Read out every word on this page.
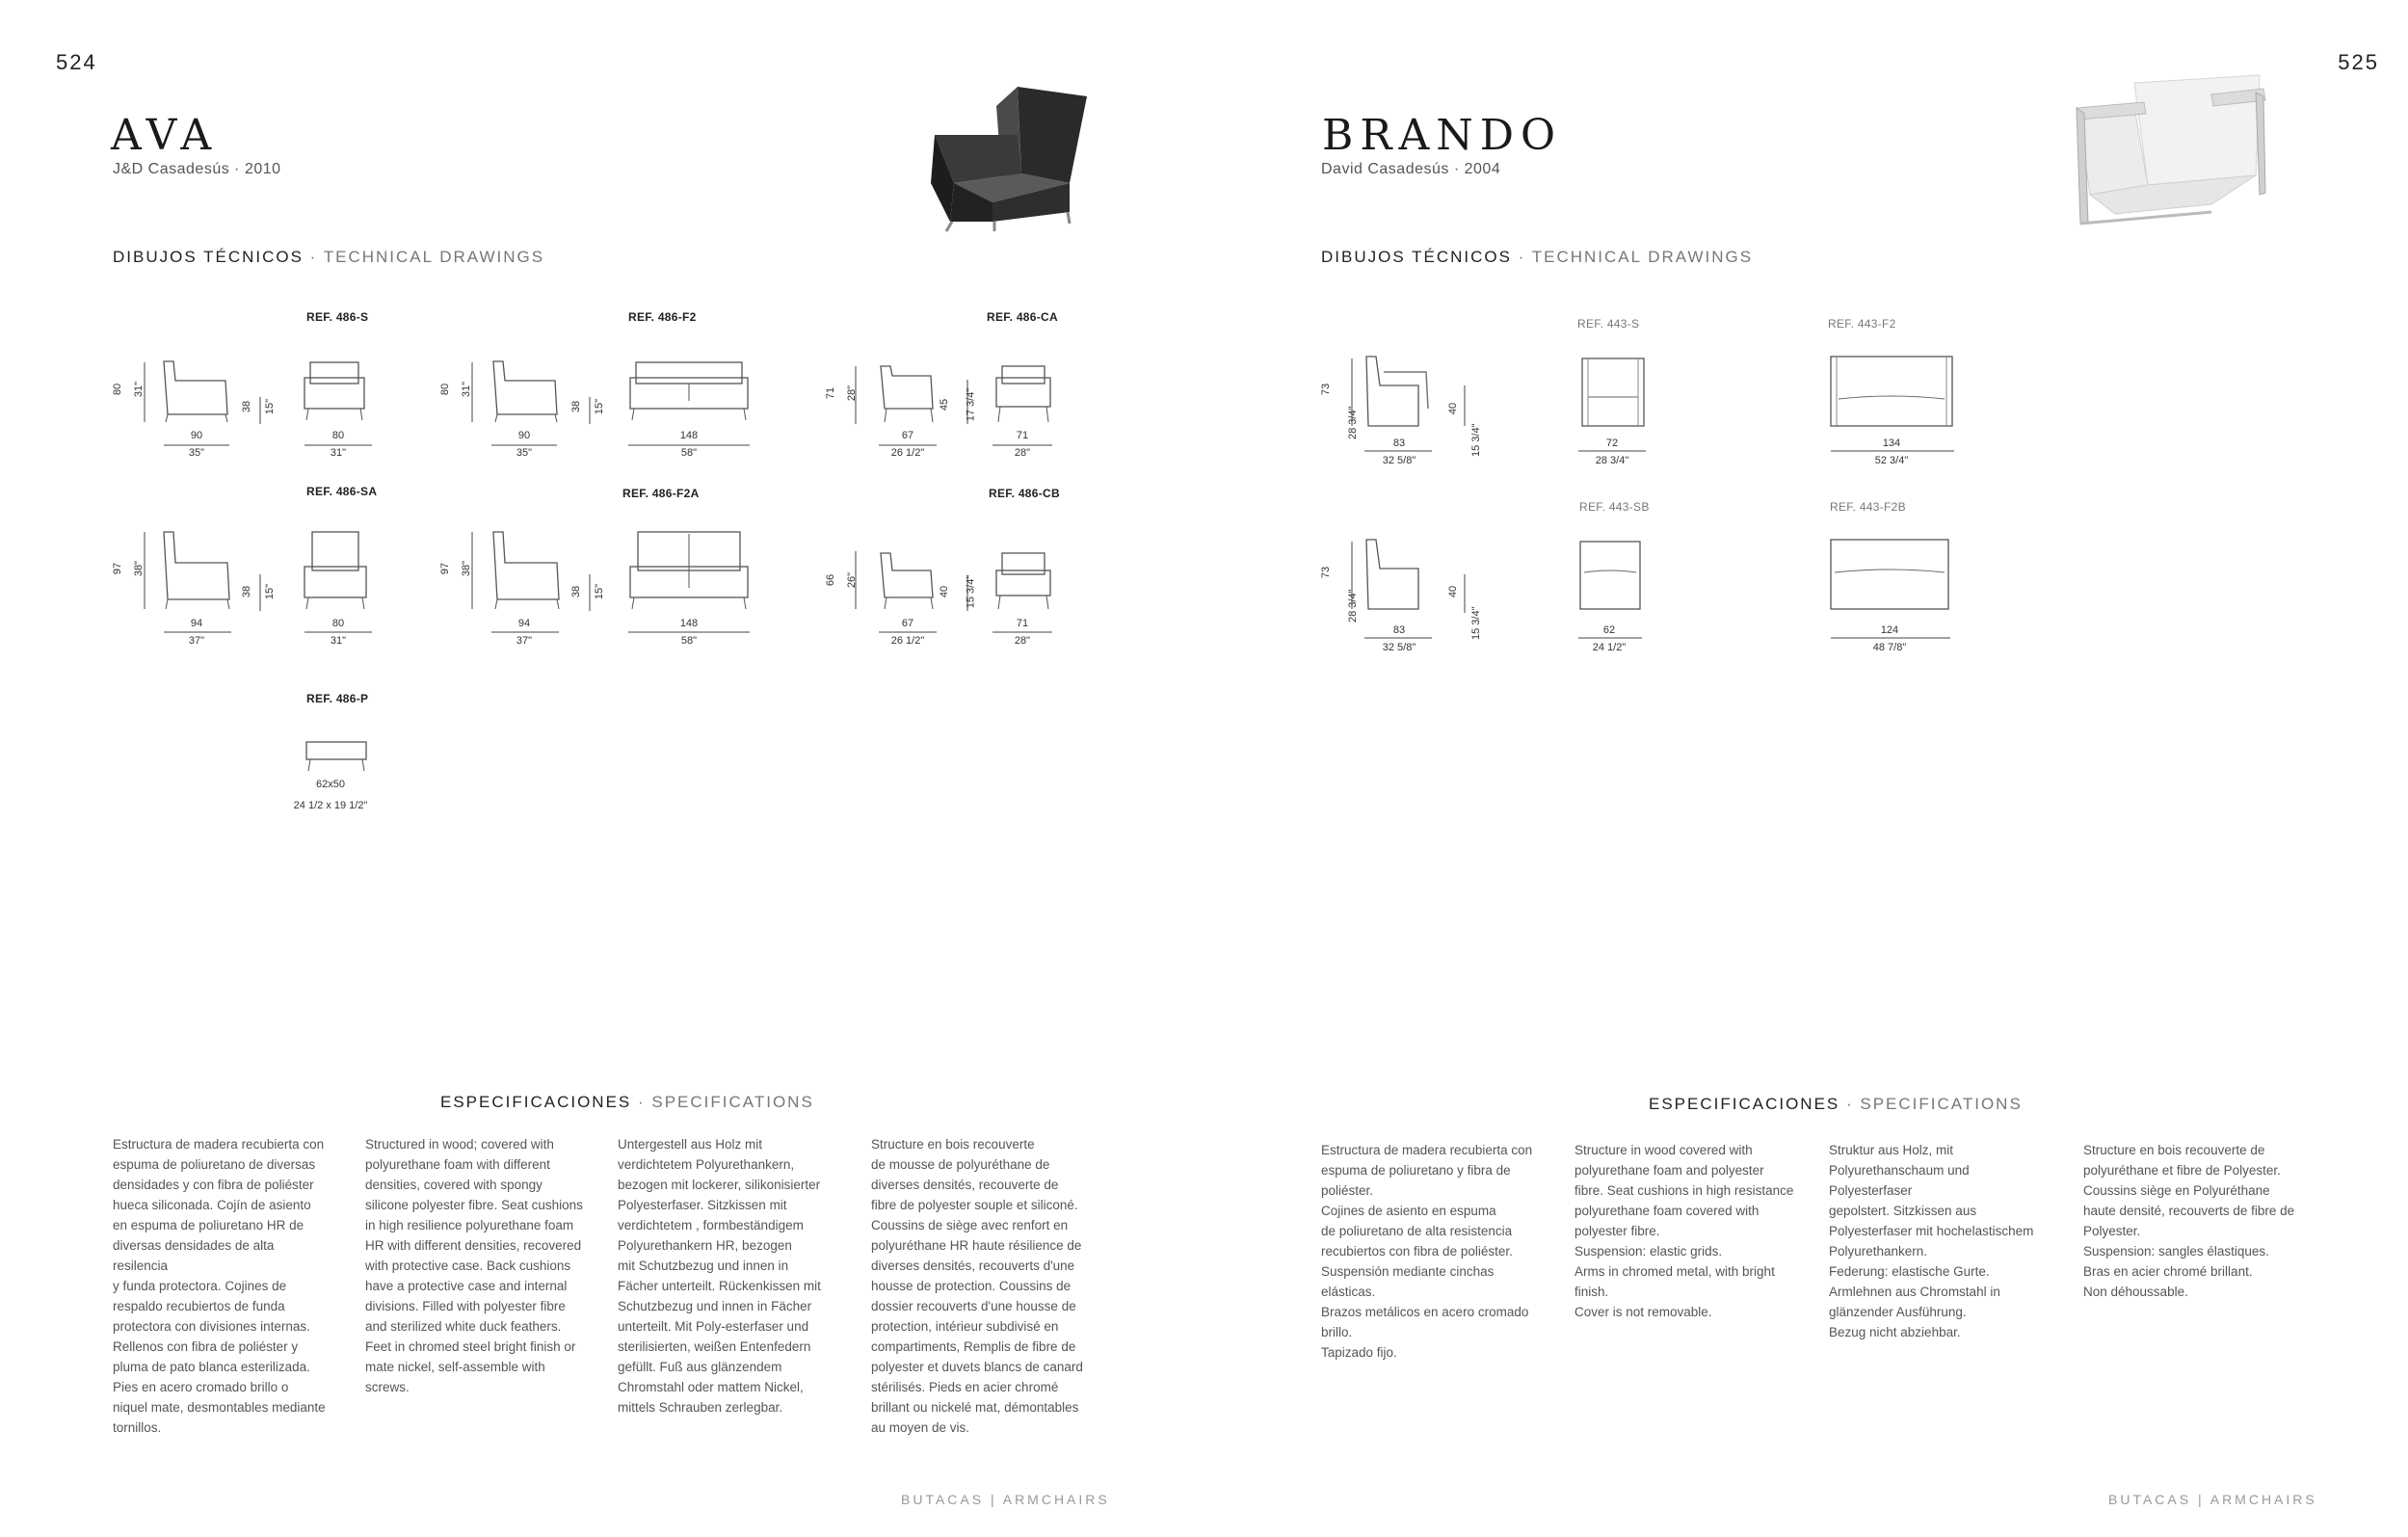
524
AVA
J&D Casadesús · 2010
DIBUJOS TÉCNICOS · TECHNICAL DRAWINGS
REF. 486-S	REF. 486-F2	REF. 486-CA
REF. 486-SA	REF. 486-F2A	REF. 486-CB
REF. 486-P
90
35"
80
31"
80 31"
38 15"
90
35"
148
58"
80 31"
38 15"
67
26 1/2"
71
28"
71 28"
45 17 3/4"
94
37"
80
31"
97 38"
38 15"
94
37"
148
58"
97 38"
38 15"
67
26 1/2"
71
28"
66 26"
40 15 3/4"
62x50
24 1/2 x 19 1/2"
ESPECIFICACIONES · SPECIFICATIONS
Estructura de madera recubierta con
espuma de poliuretano de diversas
densidades y con fibra de poliéster
hueca siliconada. Cojín de asiento
en espuma de poliuretano HR de
diversas densidades de alta resilencia
y funda protectora. Cojines de
respaldo recubiertos de funda
protectora con divisiones internas.
Rellenos con fibra de poliéster y
pluma de pato blanca esterilizada.
Pies en acero cromado brillo o
niquel mate, desmontables mediante
tornillos.
Structured in wood; covered with
polyurethane foam with different
densities, covered with spongy
silicone polyester fibre. Seat cushions
in high resilience polyurethane foam
HR with different densities, recovered
with protective case. Back cushions
have a protective case and internal
divisions. Filled with polyester fibre
and sterilized white duck feathers.
Feet in chromed steel bright finish or
mate nickel, self-assemble with screws.
Untergestell aus Holz mit
verdichtetem Polyurethankern,
bezogen mit lockerer, silikonisierter
Polyesterfaser. Sitzkissen mit
verdichtetem , formbeständigem
Polyurethankern HR, bezogen
mit Schutzbezug und innen in
Fächer unterteilt. Rückenkissen mit
Schutzbezug und innen in Fächer
unterteilt. Mit Poly-esterfaser und
sterilisierten, weißen Entenfedern
gefüllt. Fuß aus glänzendem
Chromstahl oder mattem Nickel,
mittels Schrauben zerlegbar.
Structure en bois recouverte
de mousse de polyuréthane de
diverses densités, recouverte de
fibre de polyester souple et siliconé.
Coussins de siège avec renfort en
polyuréthane HR haute résilience de
diverses densités, recouverts d'une
housse de protection. Coussins de
dossier recouverts d'une housse de
protection, intérieur subdivisé en
compartiments, Remplis de fibre de
polyester et duvets blancs de canard
stérilisés. Pieds en acier chromé
brillant ou nickelé mat, démontables
au moyen de vis.
BUTACAS | ARMCHAIRS
525
BRANDO
David Casadesús · 2004
DIBUJOS TÉCNICOS · TECHNICAL DRAWINGS
REF. 443-S	REF. 443-F2
REF. 443-SB	REF. 443-F2B
73
28 3/4"	40
15 3/4"
83
32 5/8"
72
28 3/4"
134
52 3/4"
73
28 3/4"	40
15 3/4"
83
32 5/8"
62
24 1/2"
124
48 7/8"
ESPECIFICACIONES · SPECIFICATIONS
Estructura de madera recubierta con
espuma de poliuretano y fibra de
poliéster.
Cojines de asiento en espuma
de poliuretano de alta resistencia
recubiertos con fibra de poliéster.
Suspensión mediante cinchas elásticas.
Brazos metálicos en acero cromado
brillo.
Tapizado fijo.
Structure in wood covered with
polyurethane foam and polyester
fibre. Seat cushions in high resistance
polyurethane foam covered with
polyester fibre.
Suspension: elastic grids.
Arms in chromed metal, with bright
finish.
Cover is not removable.
Struktur aus Holz, mit
Polyurethanschaum und Polyesterfaser
gepolstert. Sitzkissen aus
Polyesterfaser mit hochelastischem
Polyurethankern.
Federung: elastische Gurte.
Armlehnen aus Chromstahl in
glänzender Ausführung.
Bezug nicht abziehbar.
Structure en bois recouverte de
polyuréthane et fibre de Polyester.
Coussins siège en Polyuréthane
haute densité, recouverts de fibre de
Polyester.
Suspension: sangles élastiques.
Bras en acier chromé brillant.
Non déhoussable.
BUTACAS | ARMCHAIRS
